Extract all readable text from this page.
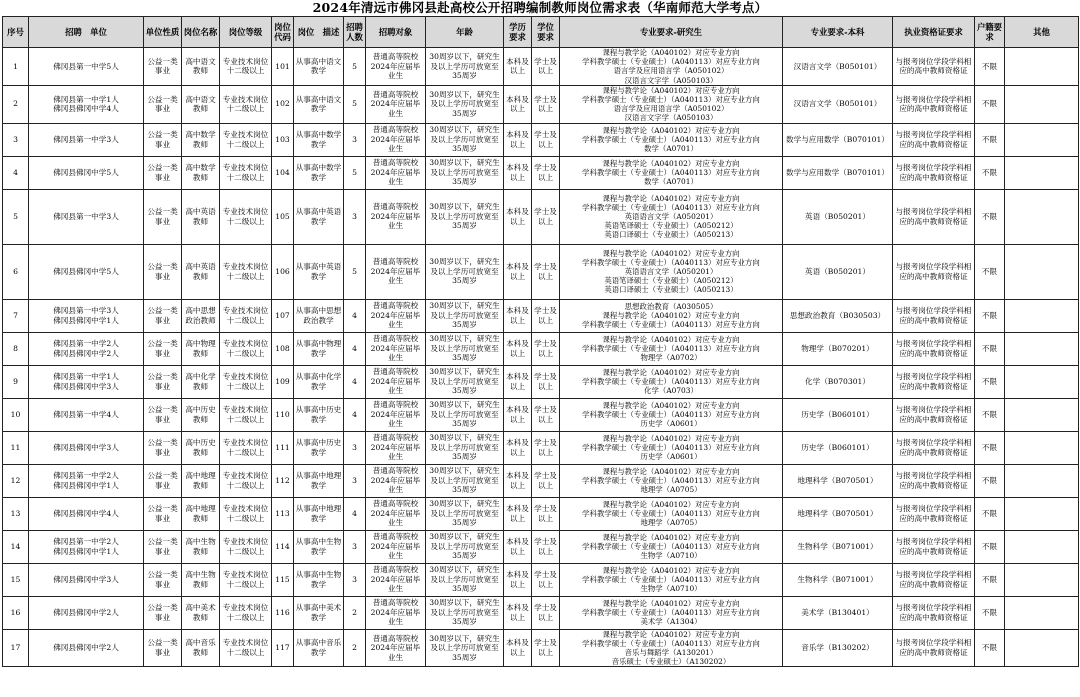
2024年清远市佛冈县赴高校公开招聘编制教师岗位需求表（华南师范大学考点）
序号	招聘　单位	单位性质	岗位名称	岗位等级	岗位代码	岗位　描述	招聘人数	招聘对象	年龄	学历要求	学位要求	专业要求-研究生	专业要求-本科	执业资格证要求	户籍要求	其他
1	佛冈县第一中学5人	公益一类事业	高中语文教师	专业技术岗位十二级以上	101	从事高中语文教学	5	普通高等院校2024年应届毕业生	30周岁以下，研究生及以上学历可放宽至35周岁	本科及以上	学士及以上	课程与教学论（A040102）对应专业方向
学科教学硕士（专业硕士）（A040113）对应专业方向
语言学及应用语言学（A050102）
汉语言文字学（A050103）	汉语言文学（B050101）	与报考岗位学段学科相应的高中教师资格证	不限	
2	佛冈县第一中学1人
佛冈县佛冈中学4人	公益一类事业	高中语文教师	专业技术岗位十二级以上	102	从事高中语文教学	5	普通高等院校2024年应届毕业生	30周岁以下，研究生及以上学历可放宽至35周岁	本科及以上	学士及以上	课程与教学论（A040102）对应专业方向
学科教学硕士（专业硕士）（A040113）对应专业方向
语言学及应用语言学（A050102）
汉语言文字学（A050103）	汉语言文学（B050101）	与报考岗位学段学科相应的高中教师资格证	不限	
3	佛冈县第一中学3人	公益一类事业	高中数学教师	专业技术岗位十二级以上	103	从事高中数学教学	3	普通高等院校2024年应届毕业生	30周岁以下，研究生及以上学历可放宽至35周岁	本科及以上	学士及以上	课程与教学论（A040102）对应专业方向
学科教学硕士（专业硕士）（A040113）对应专业方向
数学（A0701）	数学与应用数学（B070101）	与报考岗位学段学科相应的高中教师资格证	不限	
4	佛冈县佛冈中学5人	公益一类事业	高中数学教师	专业技术岗位十二级以上	104	从事高中数学教学	5	普通高等院校2024年应届毕业生	30周岁以下，研究生及以上学历可放宽至35周岁	本科及以上	学士及以上	课程与教学论（A040102）对应专业方向
学科教学硕士（专业硕士）（A040113）对应专业方向
数学（A0701）	数学与应用数学（B070101）	与报考岗位学段学科相应的高中教师资格证	不限	
5	佛冈县第一中学3人	公益一类事业	高中英语教师	专业技术岗位十二级以上	105	从事高中英语教学	3	普通高等院校2024年应届毕业生	30周岁以下，研究生及以上学历可放宽至35周岁	本科及以上	学士及以上	课程与教学论（A040102）对应专业方向
学科教学硕士（专业硕士）（A040113）对应专业方向
英语语言文学（A050201）
英语笔译硕士（专业硕士）（A050212）
英语口译硕士（专业硕士）（A050213）	英语（B050201）	与报考岗位学段学科相应的高中教师资格证	不限	
6	佛冈县佛冈中学5人	公益一类事业	高中英语教师	专业技术岗位十二级以上	106	从事高中英语教学	5	普通高等院校2024年应届毕业生	30周岁以下，研究生及以上学历可放宽至35周岁	本科及以上	学士及以上	课程与教学论（A040102）对应专业方向
学科教学硕士（专业硕士）（A040113）对应专业方向
英语语言文学（A050201）
英语笔译硕士（专业硕士）（A050212）
英语口译硕士（专业硕士）（A050213）	英语（B050201）	与报考岗位学段学科相应的高中教师资格证	不限	
7	佛冈县第一中学3人
佛冈县佛冈中学1人	公益一类事业	高中思想政治教师	专业技术岗位十二级以上	107	从事高中思想政治教学	4	普通高等院校2024年应届毕业生	30周岁以下，研究生及以上学历可放宽至35周岁	本科及以上	学士及以上	思想政治教育（A030505）
课程与教学论（A040102）对应专业方向
学科教学硕士（专业硕士）（A040113）对应专业方向	思想政治教育（B030503）	与报考岗位学段学科相应的高中教师资格证	不限	
8	佛冈县第一中学2人
佛冈县佛冈中学2人	公益一类事业	高中物理教师	专业技术岗位十二级以上	108	从事高中物理教学	4	普通高等院校2024年应届毕业生	30周岁以下，研究生及以上学历可放宽至35周岁	本科及以上	学士及以上	课程与教学论（A040102）对应专业方向
学科教学硕士（专业硕士）（A040113）对应专业方向
物理学（A0702）	物理学（B070201）	与报考岗位学段学科相应的高中教师资格证	不限	
9	佛冈县第一中学1人
佛冈县佛冈中学3人	公益一类事业	高中化学教师	专业技术岗位十二级以上	109	从事高中化学教学	4	普通高等院校2024年应届毕业生	30周岁以下，研究生及以上学历可放宽至35周岁	本科及以上	学士及以上	课程与教学论（A040102）对应专业方向
学科教学硕士（专业硕士）（A040113）对应专业方向
化学（A0703）	化学（B070301）	与报考岗位学段学科相应的高中教师资格证	不限	
10	佛冈县第一中学4人	公益一类事业	高中历史教师	专业技术岗位十二级以上	110	从事高中历史教学	4	普通高等院校2024年应届毕业生	30周岁以下，研究生及以上学历可放宽至35周岁	本科及以上	学士及以上	课程与教学论（A040102）对应专业方向
学科教学硕士（专业硕士）（A040113）对应专业方向
历史学（A0601）	历史学（B060101）	与报考岗位学段学科相应的高中教师资格证	不限	
11	佛冈县佛冈中学3人	公益一类事业	高中历史教师	专业技术岗位十二级以上	111	从事高中历史教学	3	普通高等院校2024年应届毕业生	30周岁以下，研究生及以上学历可放宽至35周岁	本科及以上	学士及以上	课程与教学论（A040102）对应专业方向
学科教学硕士（专业硕士）（A040113）对应专业方向
历史学（A0601）	历史学（B060101）	与报考岗位学段学科相应的高中教师资格证	不限	
12	佛冈县第一中学2人
佛冈县佛冈中学1人	公益一类事业	高中地理教师	专业技术岗位十二级以上	112	从事高中地理教学	3	普通高等院校2024年应届毕业生	30周岁以下，研究生及以上学历可放宽至35周岁	本科及以上	学士及以上	课程与教学论（A040102）对应专业方向
学科教学硕士（专业硕士）（A040113）对应专业方向
地理学（A0705）	地理科学（B070501）	与报考岗位学段学科相应的高中教师资格证	不限	
13	佛冈县佛冈中学4人	公益一类事业	高中地理教师	专业技术岗位十二级以上	113	从事高中地理教学	4	普通高等院校2024年应届毕业生	30周岁以下，研究生及以上学历可放宽至35周岁	本科及以上	学士及以上	课程与教学论（A040102）对应专业方向
学科教学硕士（专业硕士）（A040113）对应专业方向
地理学（A0705）	地理科学（B070501）	与报考岗位学段学科相应的高中教师资格证	不限	
14	佛冈县第一中学2人
佛冈县佛冈中学1人	公益一类事业	高中生物教师	专业技术岗位十二级以上	114	从事高中生物教学	3	普通高等院校2024年应届毕业生	30周岁以下，研究生及以上学历可放宽至35周岁	本科及以上	学士及以上	课程与教学论（A040102）对应专业方向
学科教学硕士（专业硕士）（A040113）对应专业方向
生物学（A0710）	生物科学（B071001）	与报考岗位学段学科相应的高中教师资格证	不限	
15	佛冈县佛冈中学3人	公益一类事业	高中生物教师	专业技术岗位十二级以上	115	从事高中生物教学	3	普通高等院校2024年应届毕业生	30周岁以下，研究生及以上学历可放宽至35周岁	本科及以上	学士及以上	课程与教学论（A040102）对应专业方向
学科教学硕士（专业硕士）（A040113）对应专业方向
生物学（A0710）	生物科学（B071001）	与报考岗位学段学科相应的高中教师资格证	不限	
16	佛冈县佛冈中学2人	公益一类事业	高中美术教师	专业技术岗位十二级以上	116	从事高中美术教学	2	普通高等院校2024年应届毕业生	30周岁以下，研究生及以上学历可放宽至35周岁	本科及以上	学士及以上	课程与教学论（A040102）对应专业方向
学科教学硕士（专业硕士）（A040113）对应专业方向
美术学（A1304）	美术学（B130401）	与报考岗位学段学科相应的高中教师资格证	不限	
17	佛冈县佛冈中学2人	公益一类事业	高中音乐教师	专业技术岗位十二级以上	117	从事高中音乐教学	2	普通高等院校2024年应届毕业生	30周岁以下，研究生及以上学历可放宽至35周岁	本科及以上	学士及以上	课程与教学论（A040102）对应专业方向
学科教学硕士（专业硕士）（A040113）对应专业方向
音乐与舞蹈学（A130201）
音乐硕士（专业硕士）（A130202）	音乐学（B130202）	与报考岗位学段学科相应的高中教师资格证	不限	
